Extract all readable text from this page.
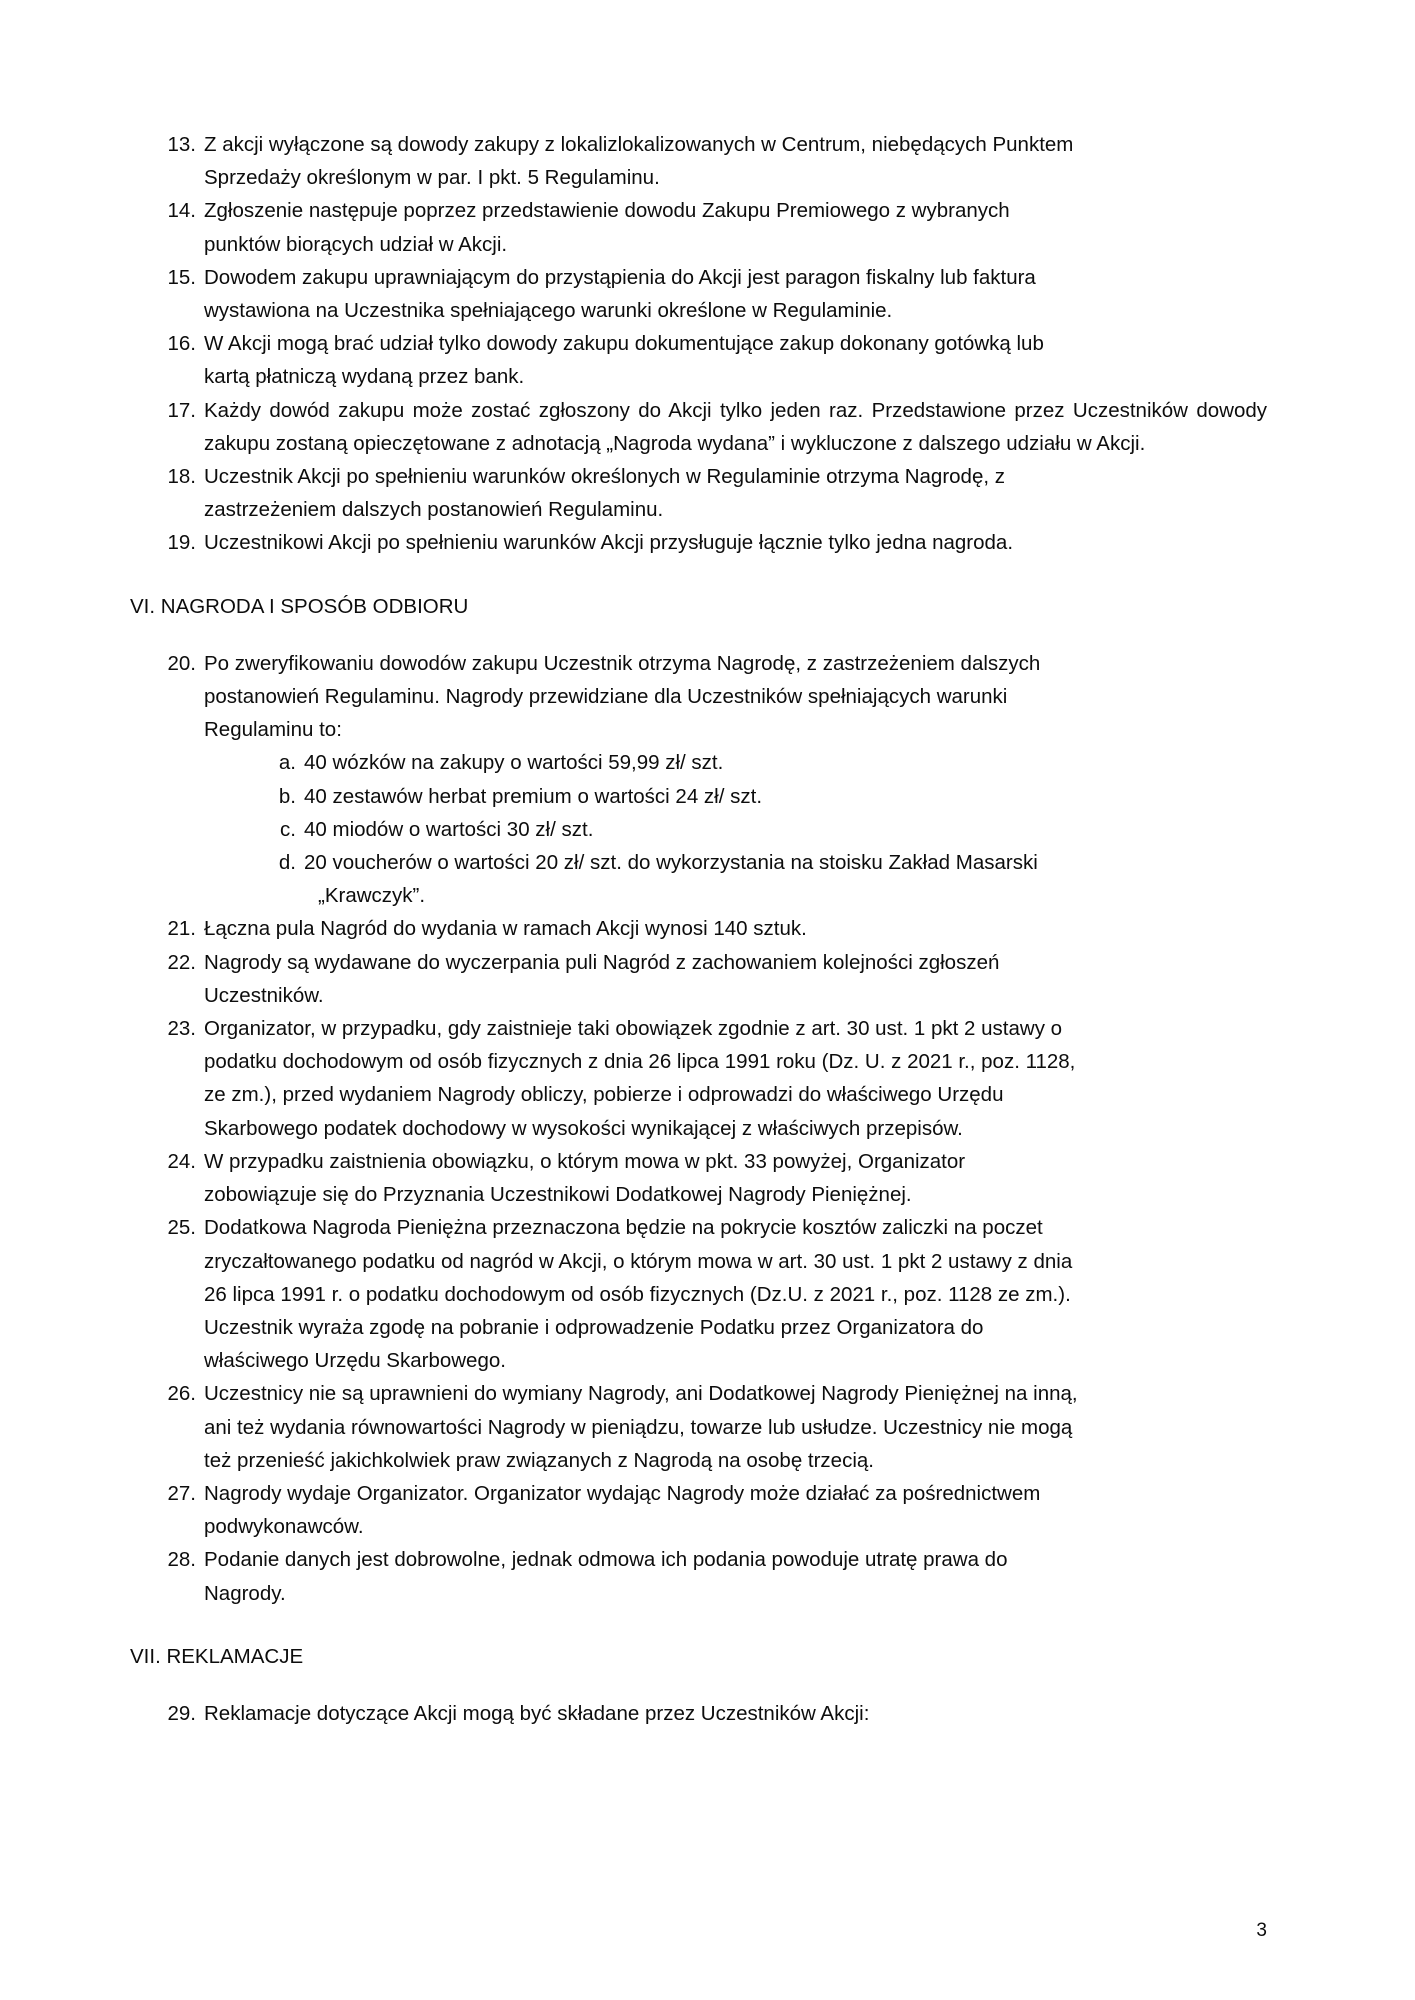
13. Z akcji wyłączone są dowody zakupy z lokalizlokalizowanych w Centrum, niebędących Punktem
Sprzedaży określonym w par. I pkt. 5 Regulaminu.
14. Zgłoszenie następuje poprzez przedstawienie dowodu Zakupu Premiowego z wybranych
punktów biorących udział w Akcji.
15. Dowodem zakupu uprawniającym do przystąpienia do Akcji jest paragon fiskalny lub faktura
wystawiona na Uczestnika spełniającego warunki określone w Regulaminie.
16. W Akcji mogą brać udział tylko dowody zakupu dokumentujące zakup dokonany gotówką lub
kartą płatniczą wydaną przez bank.
17. Każdy dowód zakupu może zostać zgłoszony do Akcji tylko jeden raz. Przedstawione przez Uczestników dowody zakupu zostaną opieczętowane z adnotacją „Nagroda wydana” i wykluczone z dalszego udziału w Akcji.
18. Uczestnik Akcji po spełnieniu warunków określonych w Regulaminie otrzyma Nagrodę, z
zastrzeżeniem dalszych postanowień Regulaminu.
19. Uczestnikowi Akcji po spełnieniu warunków Akcji przysługuje łącznie tylko jedna nagroda.
VI. NAGRODA I SPOSÓB ODBIORU
20. Po zweryfikowaniu dowodów zakupu Uczestnik otrzyma Nagrodę, z zastrzeżeniem dalszych
postanowień Regulaminu. Nagrody przewidziane dla Uczestników spełniających warunki
Regulaminu to:
a. 40 wózków na zakupy o wartości 59,99 zł/ szt.
b. 40 zestawów herbat premium o wartości 24 zł/ szt.
c. 40 miodów o wartości 30 zł/ szt.
d. 20 voucherów o wartości 20 zł/ szt. do wykorzystania na stoisku Zakład Masarski
„Krawczyk”.
21. Łączna pula Nagród do wydania w ramach Akcji wynosi 140 sztuk.
22. Nagrody są wydawane do wyczerpania puli Nagród z zachowaniem kolejności zgłoszeń
Uczestników.
23. Organizator, w przypadku, gdy zaistnieje taki obowiązek zgodnie z art. 30 ust. 1 pkt 2 ustawy o
podatku dochodowym od osób fizycznych z dnia 26 lipca 1991 roku (Dz. U. z 2021 r., poz. 1128,
ze zm.), przed wydaniem Nagrody obliczy, pobierze i odprowadzi do właściwego Urzędu
Skarbowego podatek dochodowy w wysokości wynikającej z właściwych przepisów.
24. W przypadku zaistnienia obowiązku, o którym mowa w pkt. 33 powyżej, Organizator
zobowiązuje się do Przyznania Uczestnikowi Dodatkowej Nagrody Pieniężnej.
25. Dodatkowa Nagroda Pieniężna przeznaczona będzie na pokrycie kosztów zaliczki na poczet
zryczałtowanego podatku od nagród w Akcji, o którym mowa w art. 30 ust. 1 pkt 2 ustawy z dnia
26 lipca 1991 r. o podatku dochodowym od osób fizycznych (Dz.U. z 2021 r., poz. 1128 ze zm.).
Uczestnik wyraża zgodę na pobranie i odprowadzenie Podatku przez Organizatora do
właściwego Urzędu Skarbowego.
26. Uczestnicy nie są uprawnieni do wymiany Nagrody, ani Dodatkowej Nagrody Pieniężnej na inną,
ani też wydania równowartości Nagrody w pieniądzu, towarze lub usłudze. Uczestnicy nie mogą
też przenieść jakichkolwiek praw związanych z Nagrodą na osobę trzecią.
27. Nagrody wydaje Organizator. Organizator wydając Nagrody może działać za pośrednictwem
podwykonawców.
28. Podanie danych jest dobrowolne, jednak odmowa ich podania powoduje utratę prawa do
Nagrody.
VII. REKLAMACJE
29. Reklamacje dotyczące Akcji mogą być składane przez Uczestników Akcji:
3
